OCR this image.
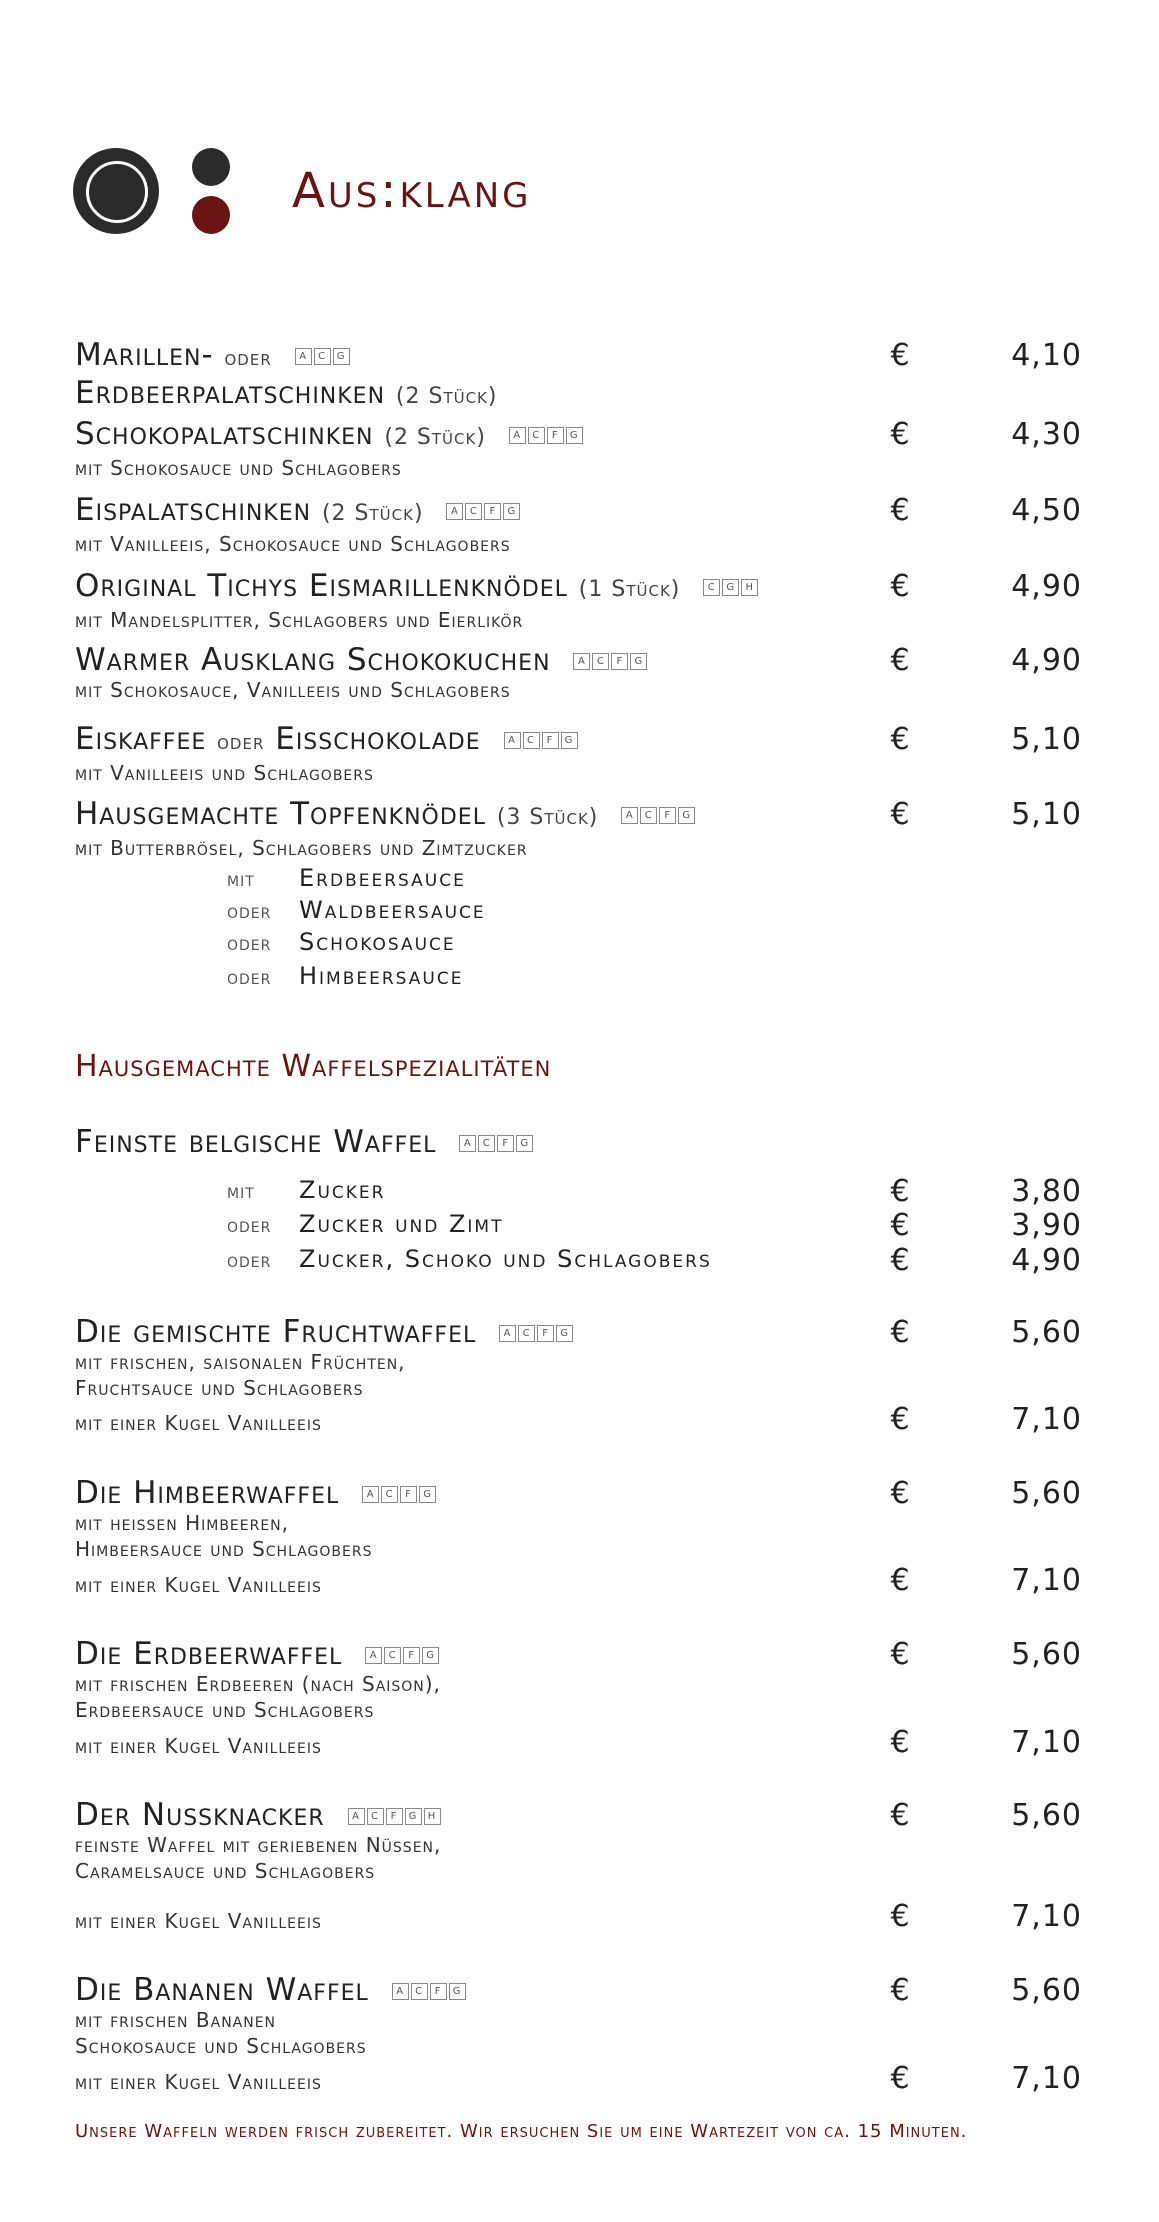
Aus:klang
Marillen- oder	A	C	G
Erdbeerpalatschinken (2 Stück)
€	4,10
Schokopalatschinken (2 Stück)	A	C	F	G
mit Schokosauce und Schlagobers
€	4,30
Eispalatschinken (2 Stück)	A	C	F	G
mit Vanilleeis, Schokosauce und Schlagobers
€	4,50
Original Tichys Eismarillenknödel (1 Stück)	C	G	H
mit Mandelsplitter, Schlagobers und Eierlikör
€	4,90
Warmer Ausklang Schokokuchen	A	C	F	G
mit Schokosauce, Vanilleeis und Schlagobers
€	4,90
Eiskaffee oder Eisschokolade	A	C	F	G
mit Vanilleeis und Schlagobers
€	5,10
Hausgemachte Topfenknödel (3 Stück)	A	C	F	G
mit Butterbrösel, Schlagobers und Zimtzucker
€	5,10
mit Erdbeersauce
oder Waldbeersauce
oder Schokosauce
oder Himbeersauce
Hausgemachte Waffelspezialitäten
Feinste belgische Waffel	A	C	F	G
mit Zucker	€	3,80
oder Zucker und Zimt	€	3,90
oder Zucker, Schoko und Schlagobers	€	4,90
Die gemischte Fruchtwaffel	A	C	F	G
mit frischen, saisonalen Früchten,
Fruchtsauce und Schlagobers
€	5,60
mit einer Kugel Vanilleeis	€	7,10
Die Himbeerwaffel	A	C	F	G
mit heissen Himbeeren,
Himbeersauce und Schlagobers
€	5,60
mit einer Kugel Vanilleeis	€	7,10
Die Erdbeerwaffel	A	C	F	G
mit frischen Erdbeeren (nach Saison),
Erdbeersauce und Schlagobers
€	5,60
mit einer Kugel Vanilleeis	€	7,10
Der Nussknacker	A	C	F	G	H
feinste Waffel mit geriebenen Nüssen,
Caramelsauce und Schlagobers
€	5,60
mit einer Kugel Vanilleeis	€	7,10
Die Bananen Waffel	A	C	F	G
mit frischen Bananen
Schokosauce und Schlagobers
€	5,60
mit einer Kugel Vanilleeis	€	7,10
Unsere Waffeln werden frisch zubereitet. Wir ersuchen Sie um eine Wartezeit von ca. 15 Minuten.
